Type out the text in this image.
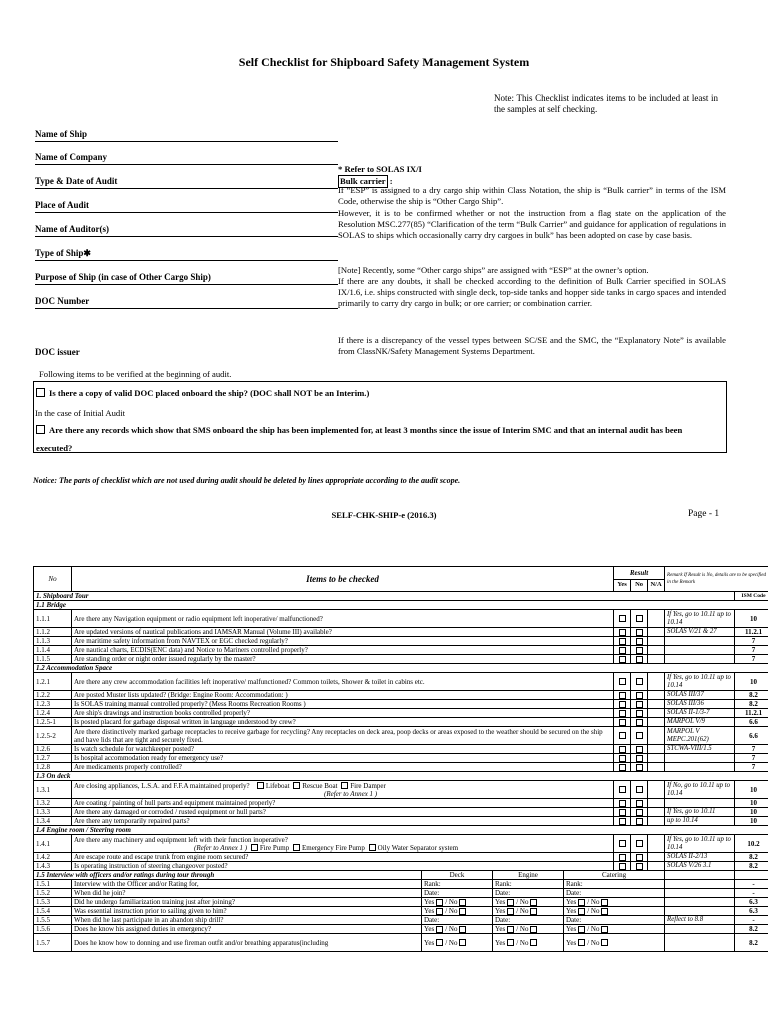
Self Checklist for Shipboard Safety Management System
Note: This Checklist indicates items to be included at least in the samples at self checking.
Name of Ship
Name of Company
Type & Date of Audit
Place of Audit
Name of Auditor(s)
Type of Ship✱
Purpose of Ship (in case of Other Cargo Ship)
DOC Number
DOC issuer
* Refer to SOLAS IX/I
Bulk carrier :
If “ESP” is assigned to a dry cargo ship within Class Notation, the ship is “Bulk carrier” in terms of the ISM Code, otherwise the ship is “Other Cargo Ship”.
However, it is to be confirmed whether or not the instruction from a flag state on the application of the Resolution MSC.277(85) “Clarification of the term “Bulk Carrier” and guidance for application of regulations in SOLAS to ships which occasionally carry dry cargoes in bulk” has been adopted on case by case basis.
[Note] Recently, some “Other cargo ships” are assigned with “ESP” at the owner’s option.
If there are any doubts, it shall be checked according to the definition of Bulk Carrier specified in SOLAS IX/1.6, i.e. ships constructed with single deck, top-side tanks and hopper side tanks in cargo spaces and intended primarily to carry dry cargo in bulk; or ore carrier; or combination carrier.
If there is a discrepancy of the vessel types between SC/SE and the SMC, the “Explanatory Note” is available from ClassNK/Safety Management Systems Department.
Following items to be verified at the beginning of audit.
Is there a copy of valid DOC placed onboard the ship? (DOC shall NOT be an Interim.)
In the case of Initial Audit
Are there any records which show that SMS onboard the ship has been implemented for, at least 3 months since the issue of Interim SMC and that an internal audit has been executed?
Notice: The parts of checklist which are not used during audit should be deleted by lines appropriate according to the audit scope.
SELF-CHK-SHIP-e (2016.3)	Page - 1
No	Items to be checked				Result			Remark If Result is No, details are to be specified in the Remark	
					Yes	No	N/A		
1. Shipboard Tour									ISM Code
1.1 Bridge									
1.1.1	Are there any Navigation equipment or radio equipment left inoperative/ malfunctioned?							If Yes, go to 10.11 up to 10.14	10
1.1.2	Are updated versions of nautical publications and IAMSAR Manual (Volume III) available?							SOLAS V/21 & 27	11.2.1
1.1.3	Are maritime safety information from NAVTEX or EGC checked regularly?								7
1.1.4	Are nautical charts, ECDIS(ENC data) and Notice to Mariners controlled properly?								7
1.1.5	Are standing order or night order issued regularly by the master?								7
1.2 Accommodation Space									
1.2.1	Are there any crew accommodation facilities left inoperative/ malfunctioned? Common toilets, Shower & toilet in cabins etc.							If Yes, go to 10.11 up to 10.14	10
1.2.2	Are posted Muster lists updated? (Bridge: Engine Room: Accommodation: )							SOLAS III/37	8.2
1.2.3	Is SOLAS training manual controlled properly? (Mess Rooms Recreation Rooms )							SOLAS III/36	8.2
1.2.4	Are ship's drawings and instruction books controlled properly?							SOLAS II-1/3-7	11.2.1
1.2.5-1	Is posted placard for garbage disposal written in language understood by crew?							MARPOL V/9	6.6
1.2.5-2	Are there distinctively marked garbage receptacles to receive garbage for recycling? Any receptacles on deck area, poop decks or areas exposed to the weather should be secured on the ship and have lids that are tight and securely fixed.							MARPOL V MEPC.201(62)	6.6
1.2.6	Is watch schedule for watchkeeper posted?							STCWA-VIII/1.5	7
1.2.7	Is hospital accommodation ready for emergency use?								7
1.2.8	Are medicaments properly controlled?								7
1.3 On deck									
1.3.1	Are closing appliances, L.S.A. and F.F.A maintained properly? Lifeboat Rescue Boat Fire Damper
(Refer to Annex 1 )							If No, go to 10.11 up to 10.14	10
1.3.2	Are coating / painting of hull parts and equipment maintained properly?								10
1.3.3	Are there any damaged or corroded / rusted equipment or hull parts?							If Yes, go to 10.11	10
1.3.4	Are there any temporarily repaired parts?							up to 10.14	10
1.4 Engine room / Steering room									
1.4.1	Are there any machinery and equipment left with their function inoperative?
(Refer to Annex 1 ) Fire Pump Emergency Fire Pump Oily Water Separator system							If Yes, go to 10.11 up to 10.14	10.2
1.4.2	Are escape route and escape trunk from engine room secured?							SOLAS II-2/13	8.2
1.4.3	Is operating instruction of steering changeover posted?							SOLAS V/26 3.1	8.2
1.5 Interview with officers and/or ratings during tour through		Deck	Engine	Catering					
1.5.1	Interview with the Officer and/or Rating for,	Rank:	Rank:	Rank:					-
1.5.2	When did he join?	Date:	Date:	Date:					-
1.5.3	Did he undergo familiarization training just after joining?	Yes / No	Yes / No	Yes / No					6.3
1.5.4	Was essential instruction prior to sailing given to him?	Yes / No	Yes / No	Yes / No					6.3
1.5.5	When did he last participate in an abandon ship drill?	Date:	Date:	Date:				Reflect to 8.8	-
1.5.6	Does he know his assigned duties in emergency?	Yes / No	Yes / No	Yes / No					8.2
1.5.7	Does he know how to donning and use fireman outfit and/or breathing apparatus(including	Yes / No	Yes / No	Yes / No					8.2
